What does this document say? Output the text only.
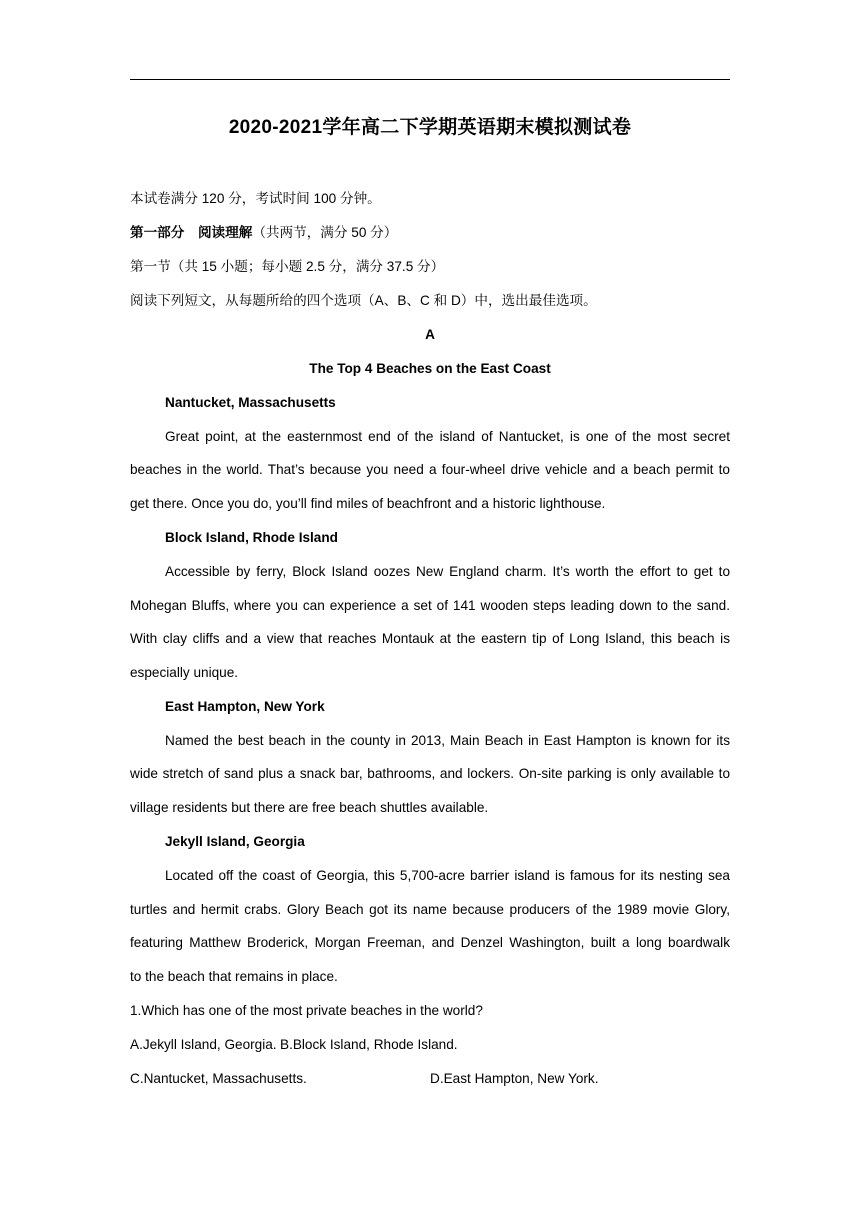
2020-2021学年高二下学期英语期末模拟测试卷
本试卷满分 120 分，考试时间 100 分钟。
第一部分　阅读理解（共两节，满分 50 分）
第一节（共 15 小题；每小题 2.5 分，满分 37.5 分）
阅读下列短文，从每题所给的四个选项（A、B、C 和 D）中，选出最佳选项。
A
The Top 4 Beaches on the East Coast
Nantucket, Massachusetts
Great point, at the easternmost end of the island of Nantucket, is one of the most secret
beaches in the world. That’s because you need a four-wheel drive vehicle and a beach permit to
get there. Once you do, you’ll find miles of beachfront and a historic lighthouse.
Block Island, Rhode Island
Accessible by ferry, Block Island oozes New England charm. It’s worth the effort to get to
Mohegan Bluffs, where you can experience a set of 141 wooden steps leading down to the sand.
With clay cliffs and a view that reaches Montauk at the eastern tip of Long Island, this beach is
especially unique.
East Hampton, New York
Named the best beach in the county in 2013, Main Beach in East Hampton is known for its
wide stretch of sand plus a snack bar, bathrooms, and lockers. On-site parking is only available to
village residents but there are free beach shuttles available.
Jekyll Island, Georgia
Located off the coast of Georgia, this 5,700-acre barrier island is famous for its nesting sea
turtles and hermit crabs. Glory Beach got its name because producers of the 1989 movie Glory,
featuring Matthew Broderick, Morgan Freeman, and Denzel Washington, built a long boardwalk
to the beach that remains in place.
1.Which has one of the most private beaches in the world?
A.Jekyll Island, Georgia. B.Block Island, Rhode Island.
C.Nantucket, Massachusetts.	D.East Hampton, New York.
